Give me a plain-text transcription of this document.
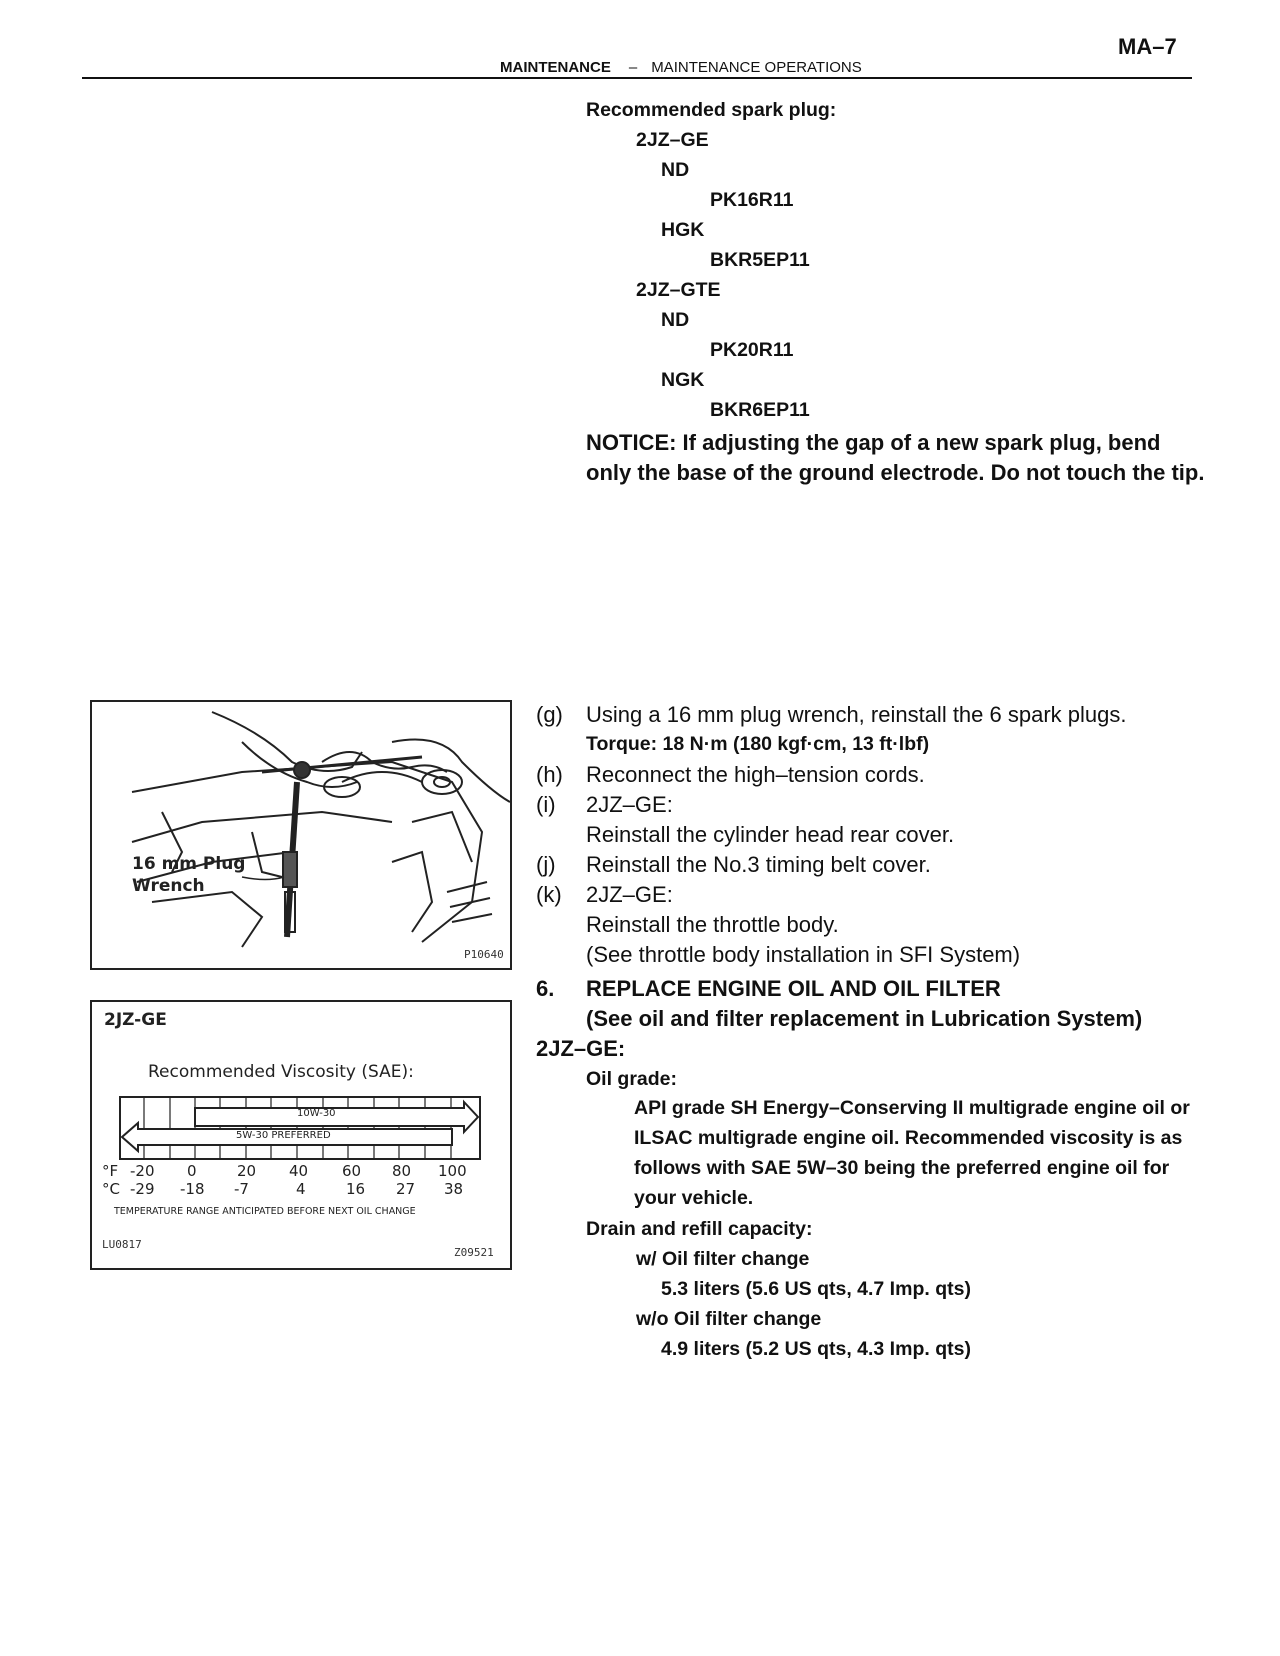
MA–7
MAINTENANCE – MAINTENANCE OPERATIONS
Recommended spark plug:
2JZ–GE
ND
PK16R11
HGK
BKR5EP11
2JZ–GTE
ND
PK20R11
NGK
BKR6EP11
NOTICE: If adjusting the gap of a new spark plug, bend only the base of the ground electrode. Do not touch the tip.
16 mm Plug
Wrench
P10640
2JZ-GE
Recommended Viscosity (SAE):
10W-30
5W-30 PREFERRED
°F -20 0	20 40 60 80 100
°C -29 -18 -7	4	16 27 38
TEMPERATURE RANGE ANTICIPATED BEFORE NEXT OIL CHANGE
LU0817
Z09521
(g) Using a 16 mm plug wrench, reinstall the 6 spark plugs.
Torque: 18 N·m (180 kgf·cm, 13 ft·lbf)
(h) Reconnect the high–tension cords.
(i) 2JZ–GE:
Reinstall the cylinder head rear cover.
(j) Reinstall the No.3 timing belt cover.
(k) 2JZ–GE:
Reinstall the throttle body.
(See throttle body installation in SFI System)
6. REPLACE ENGINE OIL AND OIL FILTER
(See oil and filter replacement in Lubrication System)
2JZ–GE:
Oil grade:
API grade SH Energy–Conserving II multigrade engine oil or ILSAC multigrade engine oil. Recommended viscosity is as follows with SAE 5W–30 being the preferred engine oil for your vehicle.
Drain and refill capacity:
w/ Oil filter change
5.3 liters (5.6 US qts, 4.7 Imp. qts)
w/o Oil filter change
4.9 liters (5.2 US qts, 4.3 Imp. qts)
